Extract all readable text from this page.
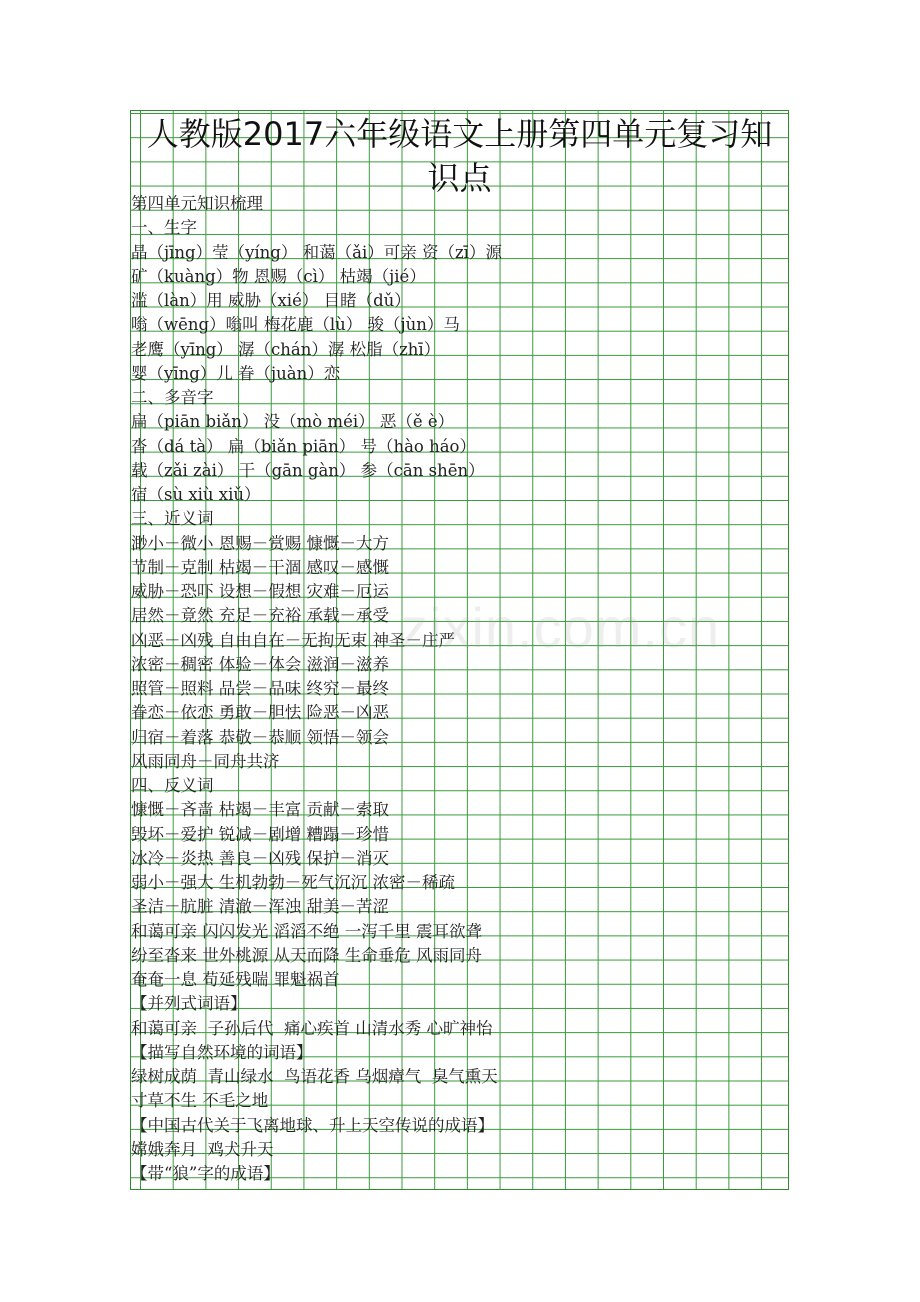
人教版2017六年级语文上册第四单元复习知
识点
第四单元知识梳理
一、生字
晶（jīng）莹（yíng） 和蔼（ǎi）可亲 资（zī）源
矿（kuàng）物 恩赐（cì） 枯竭（jié）
滥（làn）用 威胁（xié） 目睹（dǔ）
嗡（wēng）嗡叫 梅花鹿（lù） 骏（jùn）马
老鹰（yīng） 潺（chán）潺 松脂（zhī）
婴（yīng）儿 眷（juàn）恋
二、多音字
扁（piān biǎn） 没（mò méi） 恶（ě è）
沓（dá tà） 扁（biǎn piān） 号（hào háo）
载（zǎi zài） 干（gān gàn） 参（cān shēn）
宿（sù xiù xiǔ）
三、近义词
渺小－微小 恩赐－赏赐 慷慨－大方
节制－克制 枯竭－干涸 感叹－感慨
威胁－恐吓 设想－假想 灾难－厄运
居然－竟然 充足－充裕 承载－承受
凶恶－凶残 自由自在－无拘无束 神圣－庄严
浓密－稠密 体验－体会 滋润－滋养
照管－照料 品尝－品味 终究－最终
眷恋－依恋 勇敢－胆怯 险恶－凶恶
归宿－着落 恭敬－恭顺 领悟－领会
风雨同舟－同舟共济
四、反义词
慷慨－吝啬 枯竭－丰富 贡献－索取
毁坏－爱护 锐减－剧增 糟蹋－珍惜
冰冷－炎热 善良－凶残 保护－消灭
弱小－强大 生机勃勃－死气沉沉 浓密－稀疏
圣洁－肮脏 清澈－浑浊 甜美－苦涩
和蔼可亲 闪闪发光 滔滔不绝 一泻千里 震耳欲聋
纷至沓来 世外桃源 从天而降 生命垂危 风雨同舟
奄奄一息 苟延残喘 罪魁祸首
【并列式词语】
和蔼可亲  子孙后代  痛心疾首 山清水秀 心旷神怡
【描写自然环境的词语】
绿树成荫  青山绿水  鸟语花香 乌烟瘴气  臭气熏天
寸草不生 不毛之地
【中国古代关于飞离地球、升上天空传说的成语】
嫦娥奔月  鸡犬升天
【带“狼”字的成语】
